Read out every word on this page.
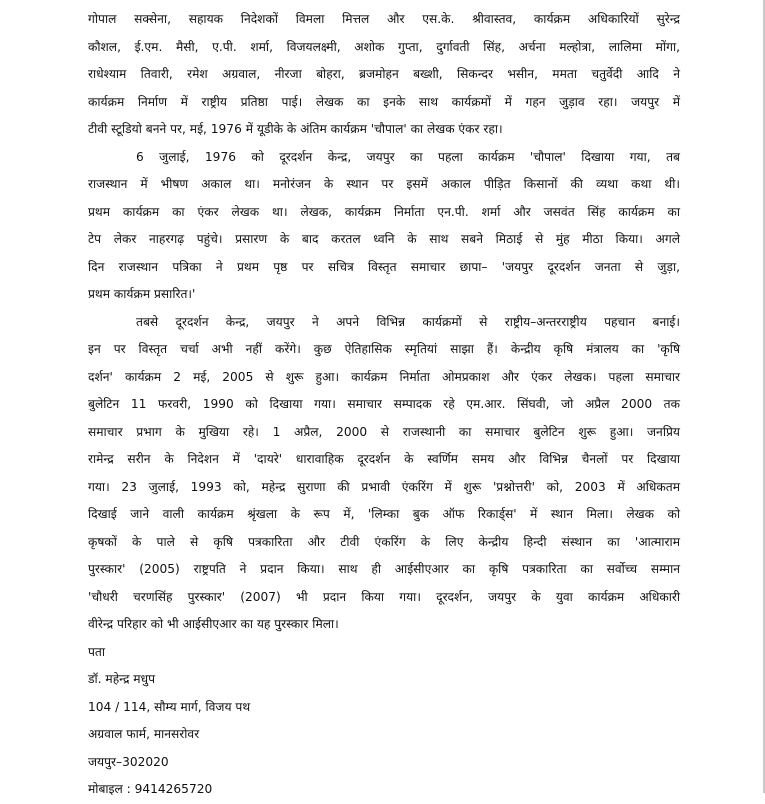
गोपाल सक्सेना, सहायक निदेशकों विमला मित्तल और एस.के. श्रीवास्तव, कार्यक्रम अधिकारियों सुरेन्द्र
कौशल, ई.एम. मैसी, ए.पी. शर्मा, विजयलक्ष्मी, अशोक गुप्ता, दुर्गावती सिंह, अर्चना मल्होत्रा, लालिमा मोंगा,
राधेश्याम तिवारी, रमेश अग्रवाल, नीरजा बोहरा, ब्रजमोहन बख्शी, सिकन्दर भसीन, ममता चतुर्वेदी आदि ने
कार्यक्रम निर्माण में राष्ट्रीय प्रतिष्ठा पाई। लेखक का इनके साथ कार्यक्रमों में गहन जुड़ाव रहा। जयपुर में
टीवी स्टूडियो बनने पर, मई, 1976 में यूडीके के अंतिम कार्यक्रम 'चौपाल' का लेखक एंकर रहा।
6 जुलाई, 1976 को दूरदर्शन केन्द्र, जयपुर का पहला कार्यक्रम 'चौपाल' दिखाया गया, तब
राजस्थान में भीषण अकाल था। मनोरंजन के स्थान पर इसमें अकाल पीड़ित किसानों की व्यथा कथा थी।
प्रथम कार्यक्रम का एंकर लेखक था। लेखक, कार्यक्रम निर्माता एन.पी. शर्मा और जसवंत सिंह कार्यक्रम का
टेप लेकर नाहरगढ़ पहुंचे। प्रसारण के बाद करतल ध्वनि के साथ सबने मिठाई से मुंह मीठा किया। अगले
दिन राजस्थान पत्रिका ने प्रथम पृष्ठ पर सचित्र विस्तृत समाचार छापा– 'जयपुर दूरदर्शन जनता से जुड़ा,
प्रथम कार्यक्रम प्रसारित।'
तबसे दूरदर्शन केन्द्र, जयपुर ने अपने विभिन्न कार्यक्रमों से राष्ट्रीय–अन्तरराष्ट्रीय पहचान बनाई।
इन पर विस्तृत चर्चा अभी नहीं करेंगे। कुछ ऐतिहासिक स्मृतियां साझा हैं। केन्द्रीय कृषि मंत्रालय का 'कृषि
दर्शन' कार्यक्रम 2 मई, 2005 से शुरू हुआ। कार्यक्रम निर्माता ओमप्रकाश और एंकर लेखक। पहला समाचार
बुलेटिन 11 फरवरी, 1990 को दिखाया गया। समाचार सम्पादक रहे एम.आर. सिंघवी, जो अप्रैल 2000 तक
समाचार प्रभाग के मुखिया रहे। 1 अप्रैल, 2000 से राजस्थानी का समाचार बुलेटिन शुरू हुआ। जनप्रिय
रामेन्द्र सरीन के निदेशन में 'दायरे' धारावाहिक दूरदर्शन के स्वर्णिम समय और विभिन्न चैनलों पर दिखाया
गया। 23 जुलाई, 1993 को, महेन्द्र सुराणा की प्रभावी एंकरिंग में शुरू 'प्रश्नोत्तरी' को, 2003 में अधिकतम
दिखाई जाने वाली कार्यक्रम श्रृंखला के रूप में, 'लिम्का बुक ऑफ रिकार्ड्स' में स्थान मिला। लेखक को
कृषकों के पाले से कृषि पत्रकारिता और टीवी एंकरिंग के लिए केन्द्रीय हिन्दी संस्थान का 'आत्माराम
पुरस्कार' (2005) राष्ट्रपति ने प्रदान किया। साथ ही आईसीएआर का कृषि पत्रकारिता का सर्वोच्च सम्मान
'चौधरी चरणसिंह पुरस्कार' (2007) भी प्रदान किया गया। दूरदर्शन, जयपुर के युवा कार्यक्रम अधिकारी
वीरेन्द्र परिहार को भी आईसीएआर का यह पुरस्कार मिला।
पता
डॉ. महेन्द्र मधुप
104 / 114, सौम्य मार्ग, विजय पथ
अग्रवाल फार्म, मानसरोवर
जयपुर–302020
मोबाइल : 9414265720
